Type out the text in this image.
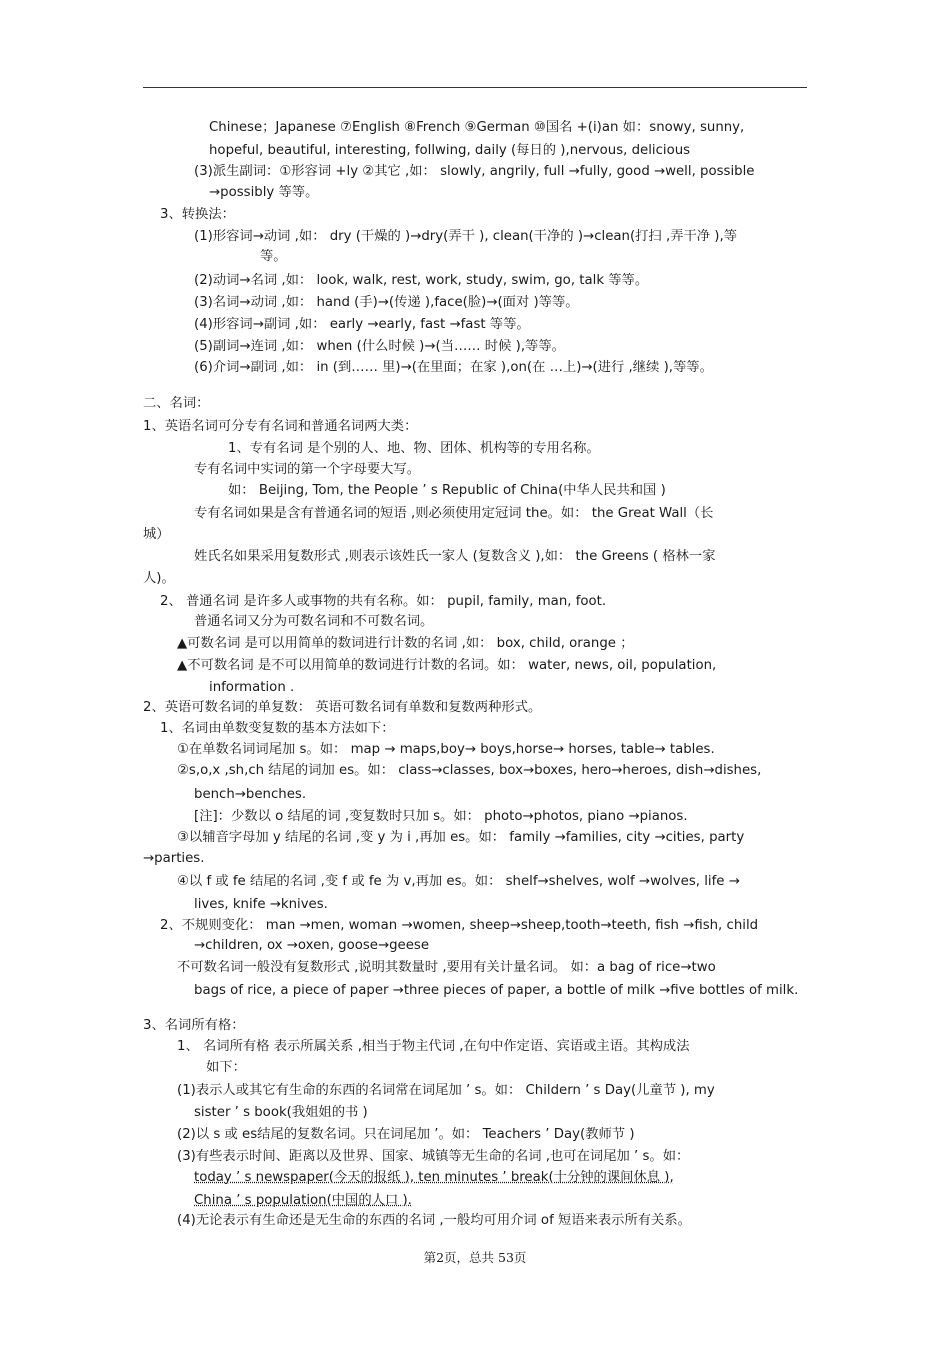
Chinese；Japanese ⑦English ⑧French ⑨German ⑩国名 +(i)an 如：snowy, sunny,
hopeful, beautiful, interesting, follwing, daily (每日的 ),nervous, delicious
(3)派生副词：①形容词 +ly ②其它 ,如： slowly, angrily, full →fully, good →well, possible
→possibly 等等。
3、转换法：
(1)形容词→动词 ,如： dry (干燥的 )→dry(弄干 ), clean(干净的 )→clean(打扫 ,弄干净 ),等
等。
(2)动词→名词 ,如： look, walk, rest, work, study, swim, go, talk 等等。
(3)名词→动词 ,如： hand (手)→(传递 ),face(脸)→(面对 )等等。
(4)形容词→副词 ,如： early →early, fast →fast 等等。
(5)副词→连词 ,如： when (什么时候 )→(当…… 时候 ),等等。
(6)介词→副词 ,如： in (到…… 里)→(在里面；在家 ),on(在 …上)→(进行 ,继续 ),等等。
二、名词：
1、英语名词可分专有名词和普通名词两大类：
1、专有名词 是个别的人、地、物、团体、机构等的专用名称。
专有名词中实词的第一个字母要大写。
如： Beijing, Tom, the People ’ s Republic of China(中华人民共和国 )
专有名词如果是含有普通名词的短语 ,则必须使用定冠词 the。如： the Great Wall（长
城）
姓氏名如果采用复数形式 ,则表示该姓氏一家人 (复数含义 ),如： the Greens ( 格林一家
人)。
2、 普通名词 是许多人或事物的共有名称。如： pupil, family, man, foot.
普通名词又分为可数名词和不可数名词。
▲可数名词 是可以用简单的数词进行计数的名词 ,如： box, child, orange ；
▲不可数名词 是不可以用简单的数词进行计数的名词。如： water, news, oil, population,
information .
2、英语可数名词的单复数： 英语可数名词有单数和复数两种形式。
1、名词由单数变复数的基本方法如下：
①在单数名词词尾加 s。如： map → maps,boy→ boys,horse→ horses, table→ tables.
②s,o,x ,sh,ch 结尾的词加 es。如： class→classes, box→boxes, hero→heroes, dish→dishes,
bench→benches.
[注]：少数以 o 结尾的词 ,变复数时只加 s。如： photo→photos, piano →pianos.
③以辅音字母加 y 结尾的名词 ,变 y 为 i ,再加 es。如： family →families, city →cities, party
→parties.
④以 f 或 fe 结尾的名词 ,变 f 或 fe 为 v,再加 es。如： shelf→shelves, wolf →wolves, life →
lives, knife →knives.
2、不规则变化： man →men, woman →women, sheep→sheep,tooth→teeth, fish →fish, child
→children, ox →oxen, goose→geese
不可数名词一般没有复数形式 ,说明其数量时 ,要用有关计量名词。 如：a bag of rice→two
bags of rice, a piece of paper →three pieces of paper, a bottle of milk →five bottles of milk.
3、名词所有格：
1、 名词所有格 表示所属关系 ,相当于物主代词 ,在句中作定语、宾语或主语。其构成法
如下：
(1)表示人或其它有生命的东西的名词常在词尾加 ’ s。如： Childern ’ s Day(儿童节 ), my
sister ’ s book(我姐姐的书 )
(2)以 s 或 es结尾的复数名词。只在词尾加 ’。如： Teachers ’ Day(教师节 )
(3)有些表示时间、距离以及世界、国家、城镇等无生命的名词 ,也可在词尾加 ’ s。如：
today ’ s newspaper(今天的报纸 ), ten minutes ’ break(十分钟的课间休息 ),
China ’ s population(中国的人口 ).
(4)无论表示有生命还是无生命的东西的名词 ,一般均可用介词 of 短语来表示所有关系。
第2页，总共 53页
